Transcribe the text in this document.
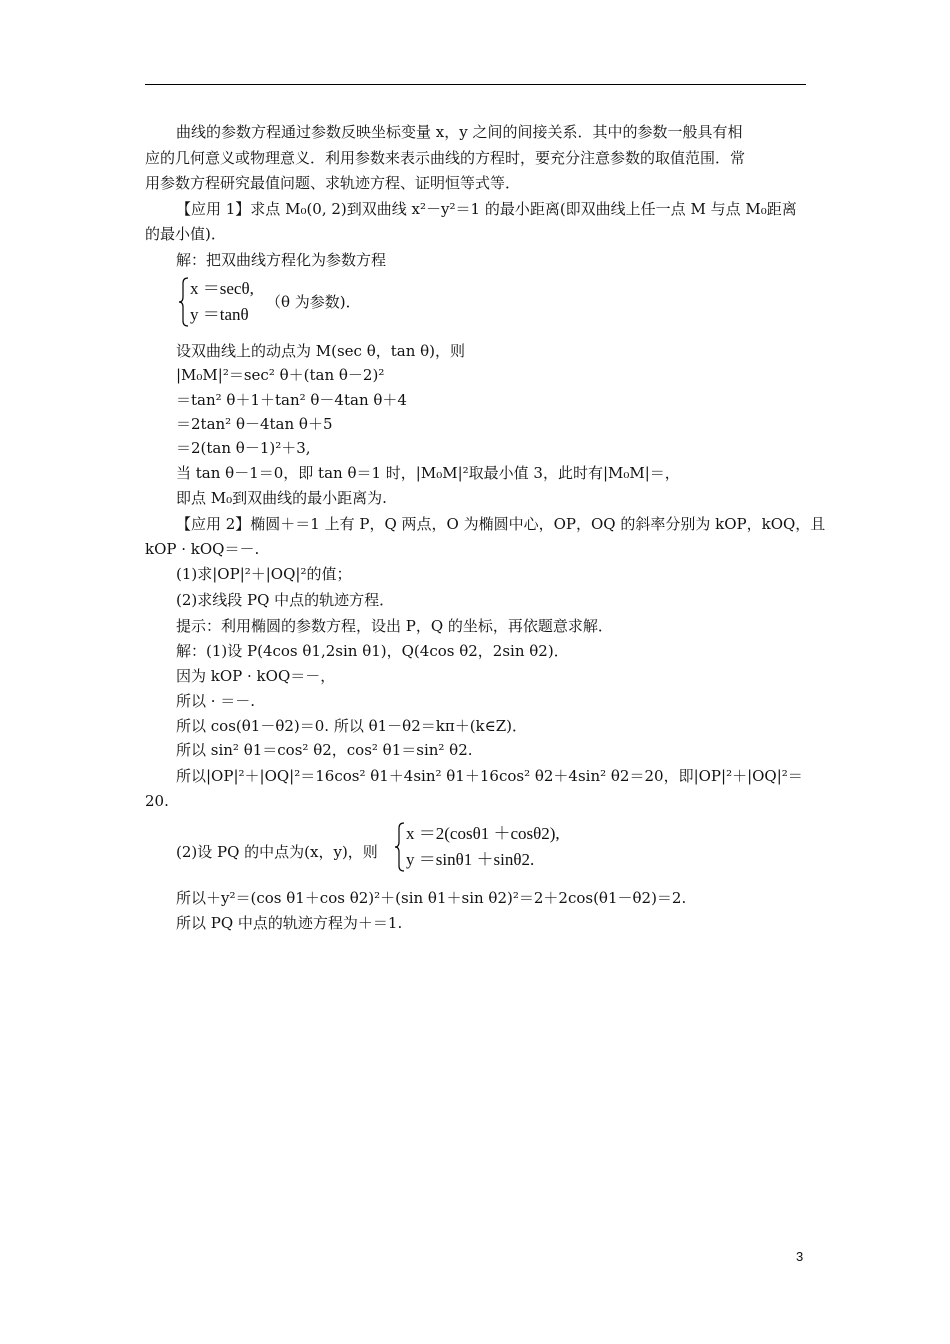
曲线的参数方程通过参数反映坐标变量 x，y 之间的间接关系．其中的参数一般具有相
应的几何意义或物理意义．利用参数来表示曲线的方程时，要充分注意参数的取值范围．常
用参数方程研究最值问题、求轨迹方程、证明恒等式等．
【应用 1】求点 M₀(0, 2)到双曲线 x²－y²＝1 的最小距离(即双曲线上任一点 M 与点 M₀距离
的最小值)．
解：把双曲线方程化为参数方程
x ＝secθ,
y ＝tanθ
（θ 为参数)．
设双曲线上的动点为 M(sec θ，tan θ)，则
|M₀M|²＝sec² θ＋(tan θ－2)²
＝tan² θ＋1＋tan² θ－4tan θ＋4
＝2tan² θ－4tan θ＋5
＝2(tan θ－1)²＋3,
当 tan θ－1＝0，即 tan θ＝1 时，|M₀M|²取最小值 3，此时有|M₀M|＝，
即点 M₀到双曲线的最小距离为.
【应用 2】椭圆＋＝1 上有 P，Q 两点，O 为椭圆中心，OP，OQ 的斜率分别为 kOP，kOQ，且
kOP · kOQ＝－.
(1)求|OP|²＋|OQ|²的值；
(2)求线段 PQ 中点的轨迹方程．
提示：利用椭圆的参数方程，设出 P，Q 的坐标，再依题意求解．
解：(1)设 P(4cos θ1,2sin θ1)，Q(4cos θ2，2sin θ2)．
因为 kOP · kOQ＝－，
所以 · ＝－.
所以 cos(θ1－θ2)＝0. 所以 θ1－θ2＝kπ＋(k∈Z)．
所以 sin² θ1＝cos² θ2，cos² θ1＝sin² θ2.
所以|OP|²＋|OQ|²＝16cos² θ1＋4sin² θ1＋16cos² θ2＋4sin² θ2＝20，即|OP|²＋|OQ|²＝
20.
(2)设 PQ 的中点为(x，y)，则
x ＝2(cosθ1 ＋cosθ2),
y ＝sinθ1 ＋sinθ2.
所以＋y²＝(cos θ1＋cos θ2)²＋(sin θ1＋sin θ2)²＝2＋2cos(θ1－θ2)＝2.
所以 PQ 中点的轨迹方程为＋＝1.
3
